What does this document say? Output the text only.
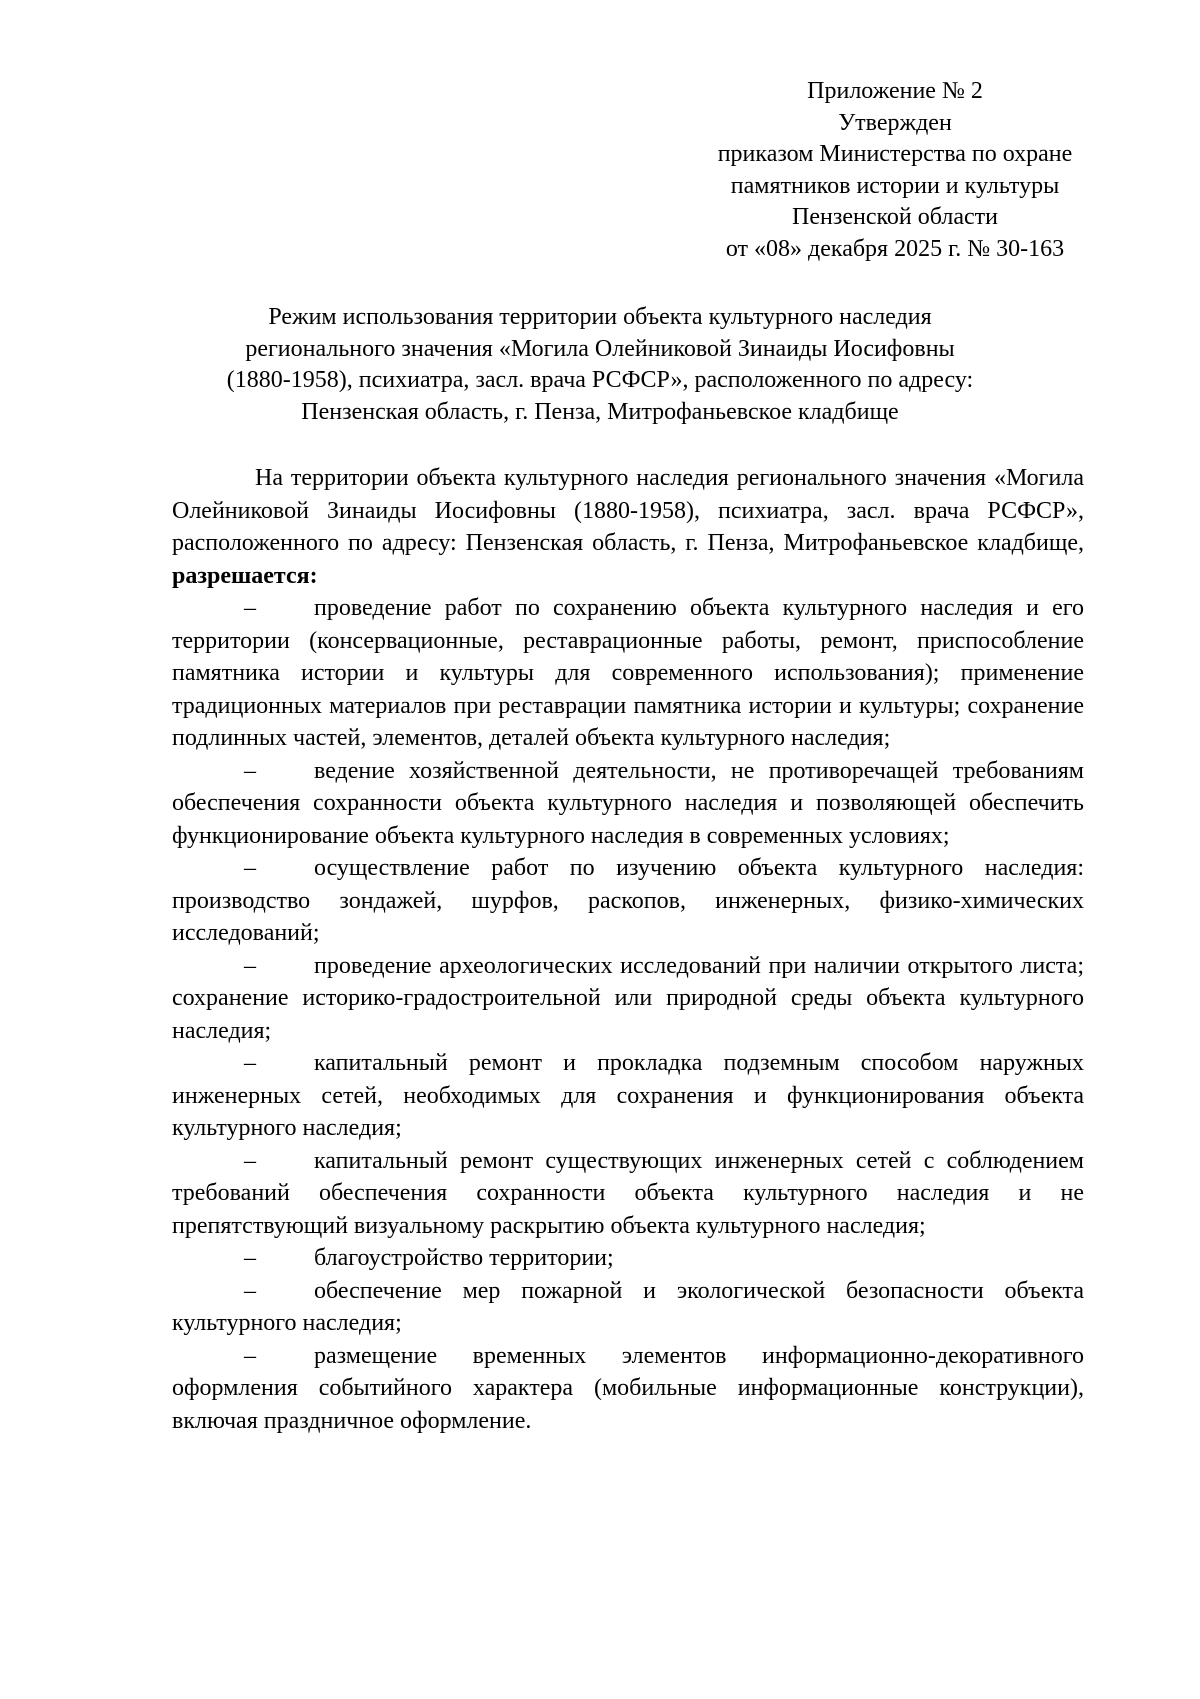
Приложение № 2
Утвержден
приказом Министерства по охране
памятников истории и культуры
Пензенской области
от «08» декабря 2025 г. № 30-163
Режим использования территории объекта культурного наследия
регионального значения «Могила Олейниковой Зинаиды Иосифовны
(1880-1958), психиатра, засл. врача РСФСР», расположенного по адресу:
Пензенская область, г. Пенза, Митрофаньевское кладбище

На территории объекта культурного наследия регионального значения «Могила Олейниковой Зинаиды Иосифовны (1880-1958), психиатра, засл. врача РСФСР», расположенного по адресу: Пензенская область, г. Пенза, Митрофаньевское кладбище, разрешается:

– проведение работ по сохранению объекта культурного наследия и его территории (консервационные, реставрационные работы, ремонт, приспособление памятника истории и культуры для современного использования); применение традиционных материалов при реставрации памятника истории и культуры; сохранение подлинных частей, элементов, деталей объекта культурного наследия;
– ведение хозяйственной деятельности, не противоречащей требованиям обеспечения сохранности объекта культурного наследия и позволяющей обеспечить функционирование объекта культурного наследия в современных условиях;
– осуществление работ по изучению объекта культурного наследия: производство зондажей, шурфов, раскопов, инженерных, физико-химических исследований;
– проведение археологических исследований при наличии открытого листа; сохранение историко-градостроительной или природной среды объекта культурного наследия;
– капитальный ремонт и прокладка подземным способом наружных инженерных сетей, необходимых для сохранения и функционирования объекта культурного наследия;
– капитальный ремонт существующих инженерных сетей с соблюдением требований обеспечения сохранности объекта культурного наследия и не препятствующий визуальному раскрытию объекта культурного наследия;
– благоустройство территории;
– обеспечение мер пожарной и экологической безопасности объекта культурного наследия;
– размещение временных элементов информационно-декоративного оформления событийного характера (мобильные информационные конструкции), включая праздничное оформление.
